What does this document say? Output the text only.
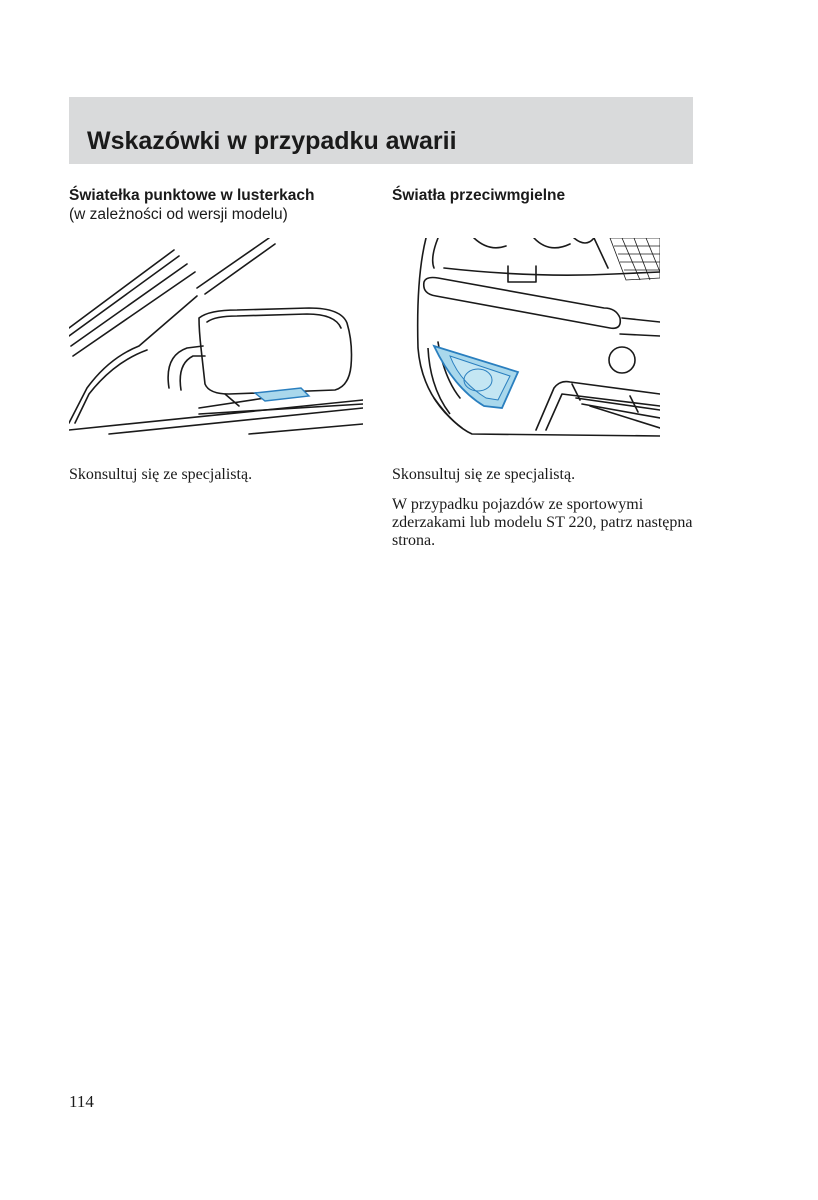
Wskazówki w przypadku awarii

Światełka punktowe w lusterkach

(w zależności od wersji modelu)

Światła przeciwmgielne

Skonsultuj się ze specjalistą.	Skonsultuj się ze specjalistą.

W przypadku pojazdów ze sportowymi zderzakami lub modelu ST 220, patrz następna strona.

114
